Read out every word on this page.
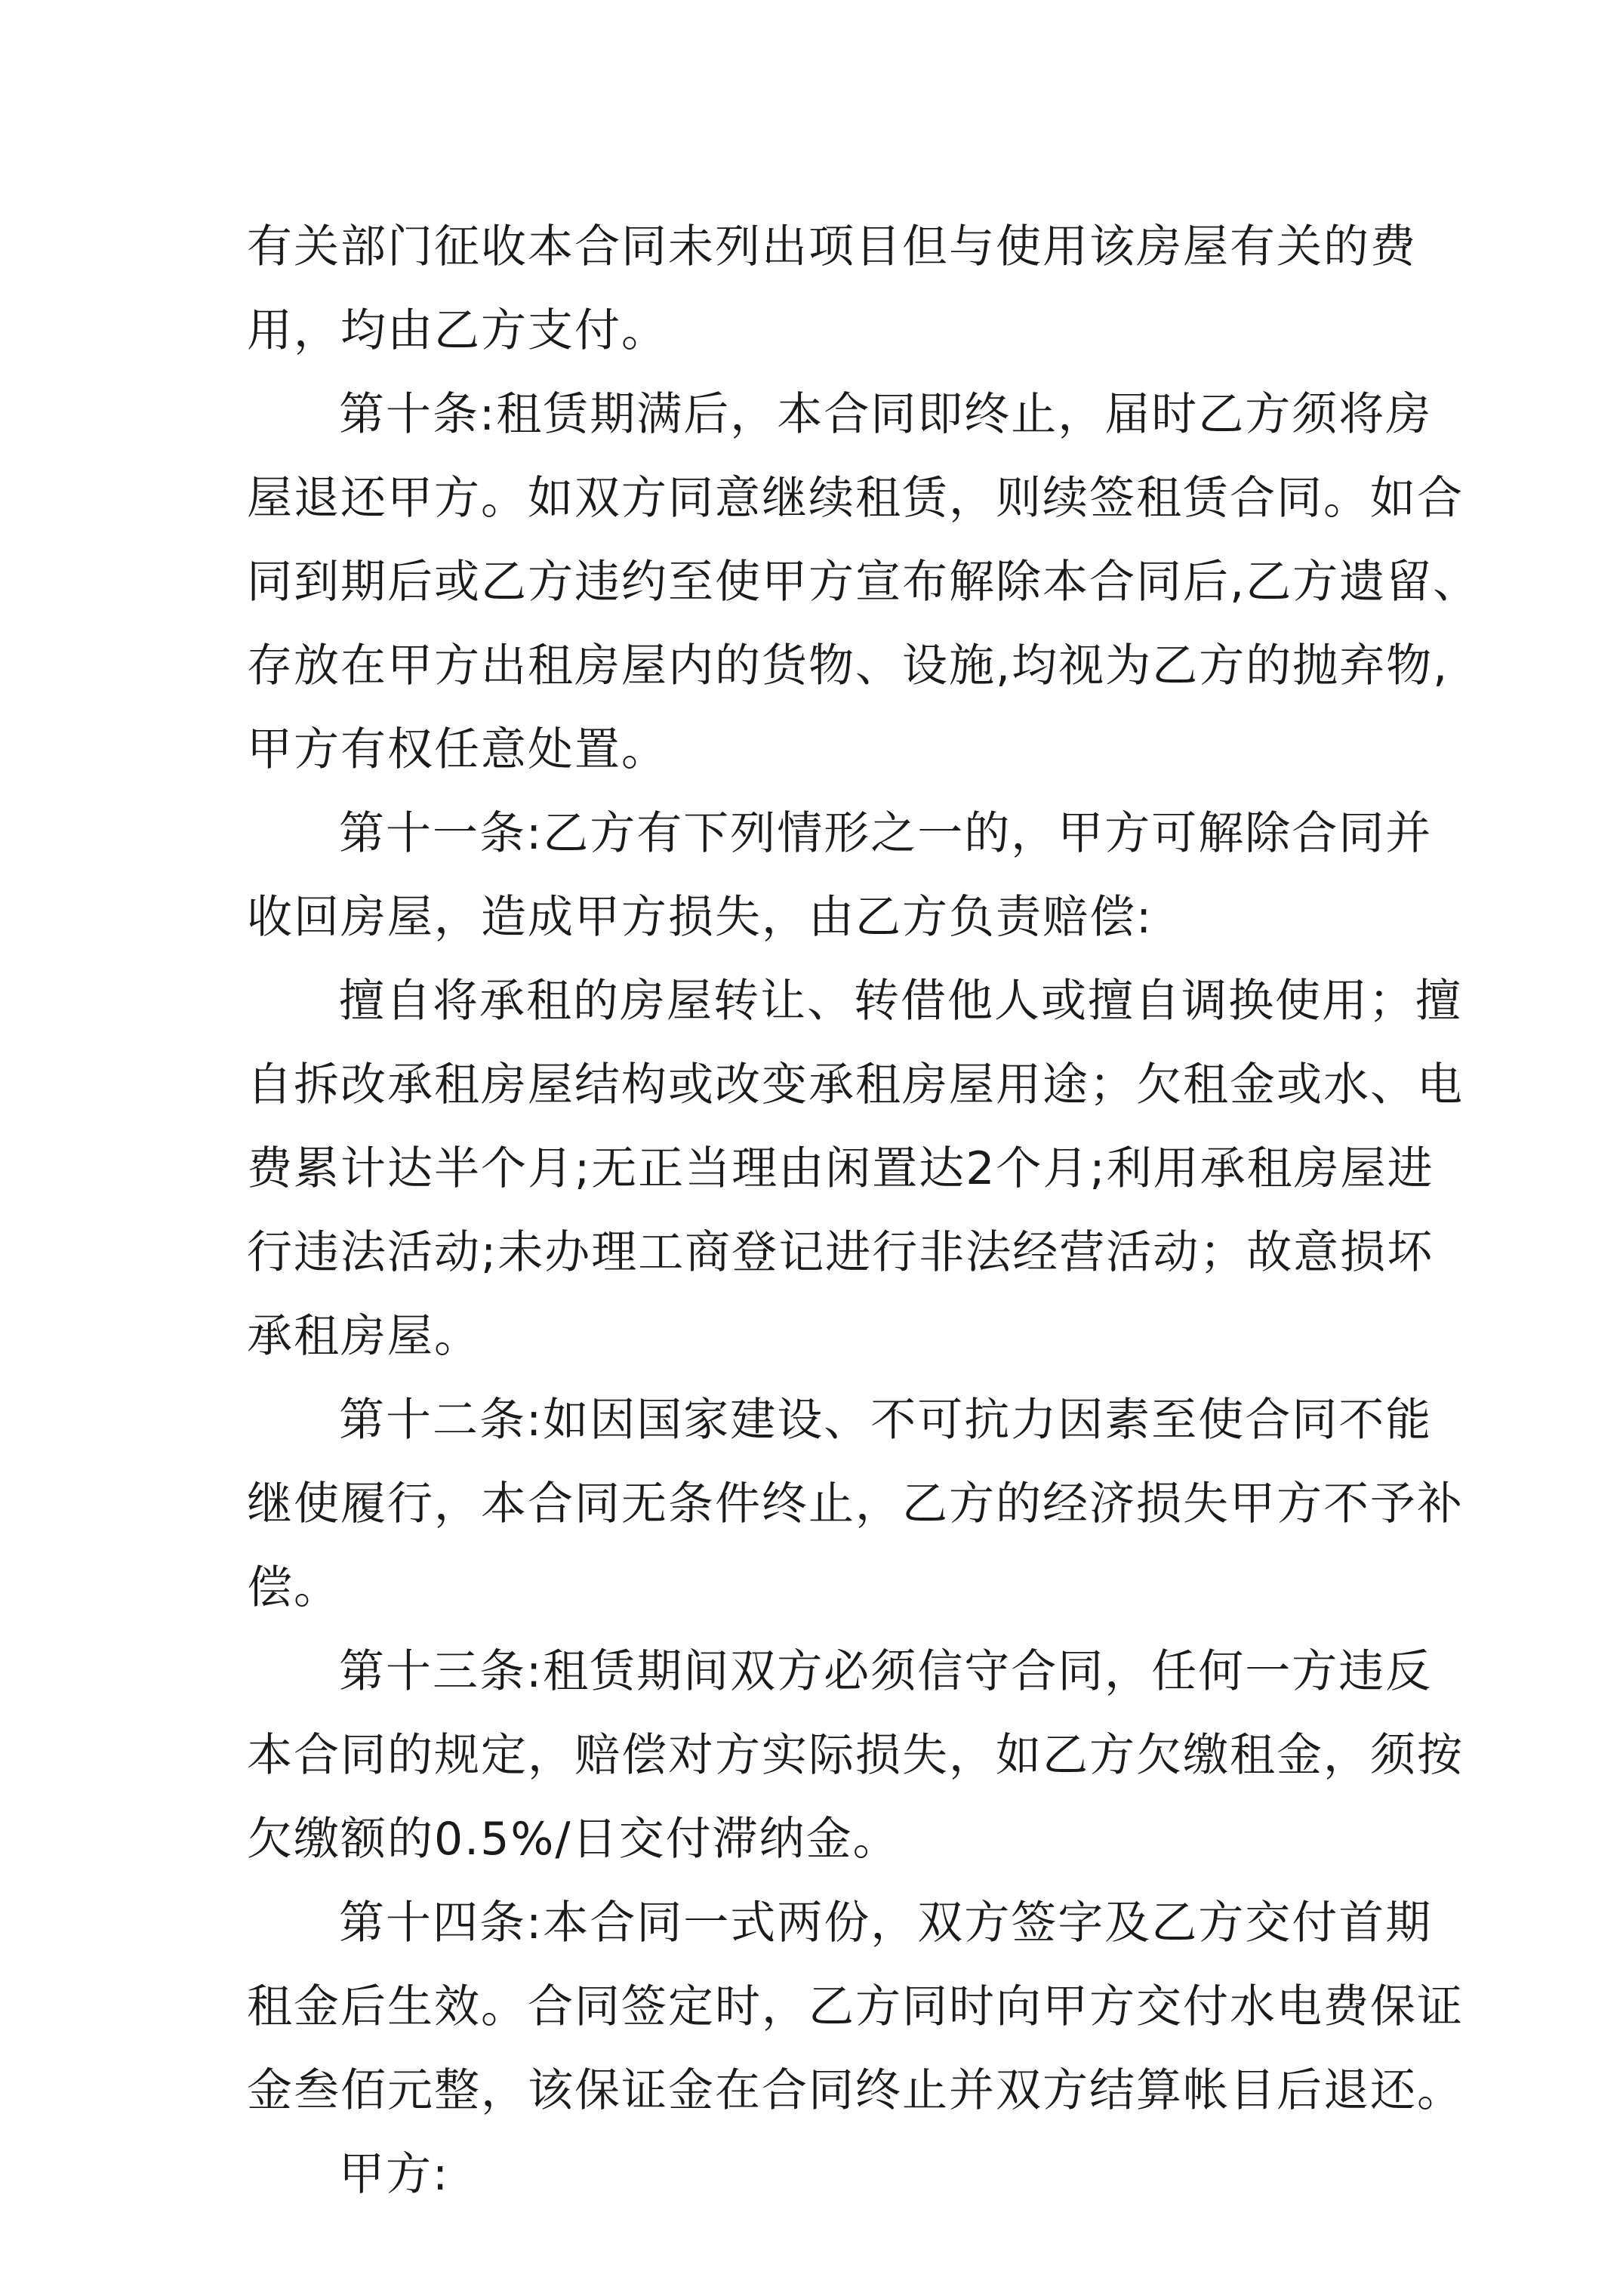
有关部门征收本合同未列出项目但与使用该房屋有关的费
用，均由乙方支付。

第十条:租赁期满后，本合同即终止，届时乙方须将房
屋退还甲方。如双方同意继续租赁，则续签租赁合同。如合
同到期后或乙方违约至使甲方宣布解除本合同后,乙方遗留、
存放在甲方出租房屋内的货物、设施,均视为乙方的抛弃物,
甲方有权任意处置。

第十一条:乙方有下列情形之一的，甲方可解除合同并
收回房屋，造成甲方损失，由乙方负责赔偿:

擅自将承租的房屋转让、转借他人或擅自调换使用；擅
自拆改承租房屋结构或改变承租房屋用途；欠租金或水、电
费累计达半个月;无正当理由闲置达2个月;利用承租房屋进
行违法活动;未办理工商登记进行非法经营活动；故意损坏
承租房屋。

第十二条:如因国家建设、不可抗力因素至使合同不能
继使履行，本合同无条件终止，乙方的经济损失甲方不予补
偿。

第十三条:租赁期间双方必须信守合同，任何一方违反
本合同的规定，赔偿对方实际损失，如乙方欠缴租金，须按
欠缴额的0.5%/日交付滞纳金。

第十四条:本合同一式两份，双方签字及乙方交付首期
租金后生效。合同签定时，乙方同时向甲方交付水电费保证
金叁佰元整，该保证金在合同终止并双方结算帐目后退还。

甲方:
